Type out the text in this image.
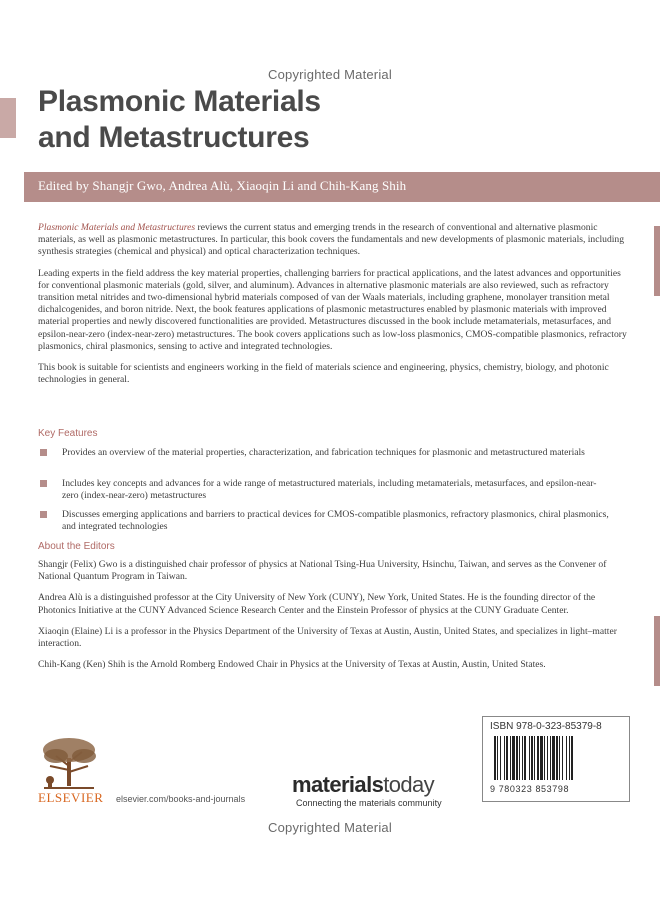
Copyrighted Material
Plasmonic Materials
and Metastructures
Edited by Shangjr Gwo, Andrea Alù, Xiaoqin Li and Chih-Kang Shih

Plasmonic Materials and Metastructures reviews the current status and emerging trends in the research of conventional and alternative plasmonic materials, as well as plasmonic metastructures. In particular, this book covers the fundamentals and new developments of plasmonic materials, including synthesis strategies (chemical and physical) and optical characterization techniques.

Leading experts in the field address the key material properties, challenging barriers for practical applications, and the latest advances and opportunities for conventional plasmonic materials (gold, silver, and aluminum). Advances in alternative plasmonic materials are also reviewed, such as refractory transition metal nitrides and two-dimensional hybrid materials composed of van der Waals materials, including graphene, monolayer transition metal dichalcogenides, and boron nitride. Next, the book features applications of plasmonic metastructures enabled by plasmonic materials with improved material properties and newly discovered functionalities are provided. Metastructures discussed in the book include metamaterials, metasurfaces, and epsilon-near-zero (index-near-zero) metastructures. The book covers applications such as low-loss plasmonics, CMOS-compatible plasmonics, refractory plasmonics, chiral plasmonics, sensing to active and integrated technologies.

This book is suitable for scientists and engineers working in the field of materials science and engineering, physics, chemistry, biology, and photonic technologies in general.

Key Features
Provides an overview of the material properties, characterization, and fabrication techniques for plasmonic and metastructured materials
Includes key concepts and advances for a wide range of metastructured materials, including metamaterials, metasurfaces, and epsilon-near-zero (index-near-zero) metastructures
Discusses emerging applications and barriers to practical devices for CMOS-compatible plasmonics, refractory plasmonics, chiral plasmonics, and integrated technologies
About the Editors

Shangjr (Felix) Gwo is a distinguished chair professor of physics at National Tsing-Hua University, Hsinchu, Taiwan, and serves as the Convener of National Quantum Program in Taiwan.

Andrea Alù is a distinguished professor at the City University of New York (CUNY), New York, United States. He is the founding director of the Photonics Initiative at the CUNY Advanced Science Research Center and the Einstein Professor of physics at the CUNY Graduate Center.

Xiaoqin (Elaine) Li is a professor in the Physics Department of the University of Texas at Austin, Austin, United States, and specializes in light–matter interaction.

Chih-Kang (Ken) Shih is the Arnold Romberg Endowed Chair in Physics at the University of Texas at Austin, Austin, United States.

ELSEVIER elsevier.com/books-and-journals
materialstoday
Connecting the materials community
ISBN 978-0-323-85379-8
9 780323 853798
Copyrighted Material
